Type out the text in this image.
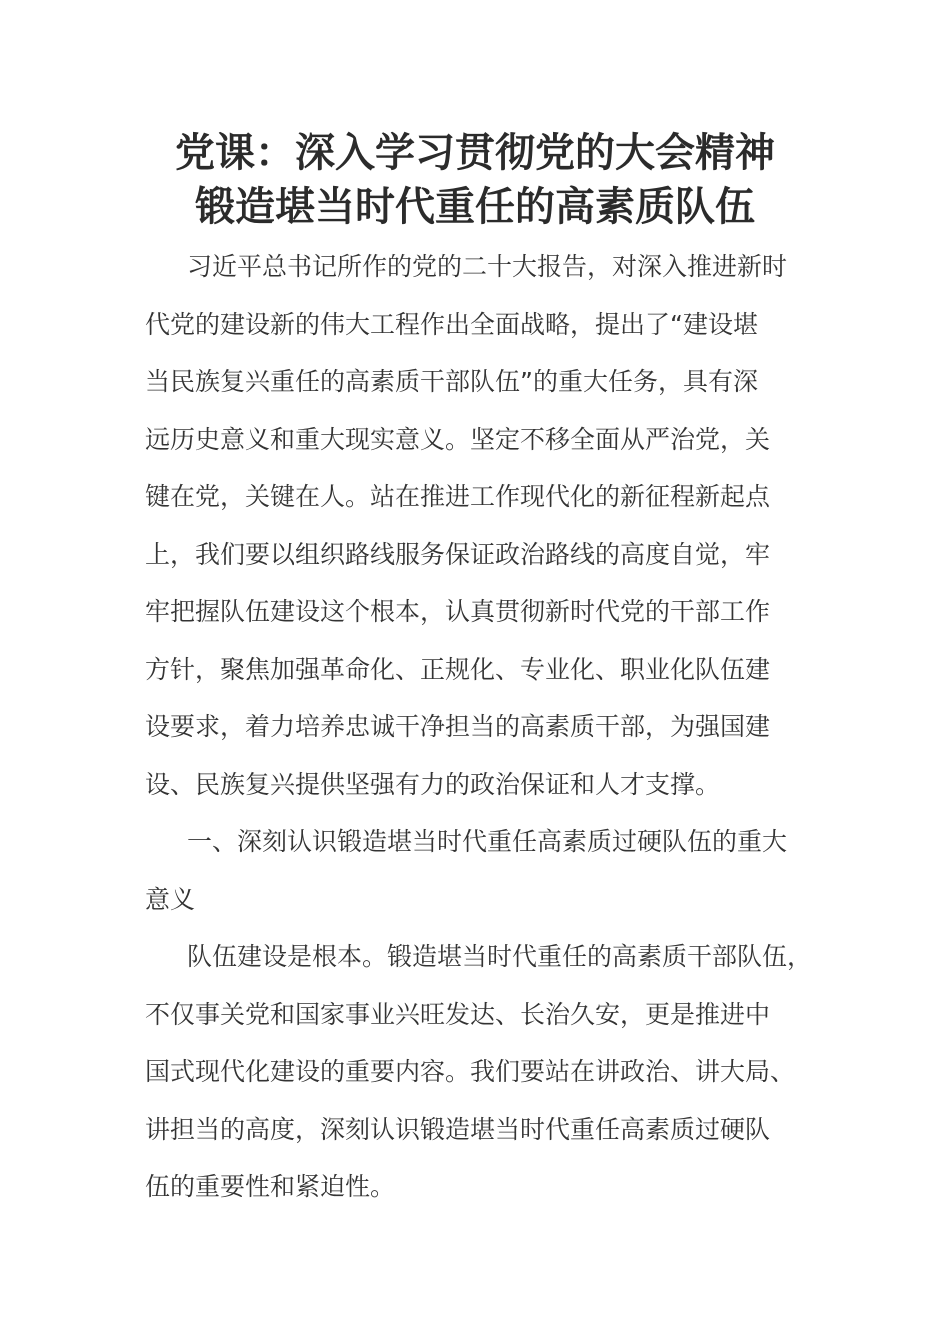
党课：深入学习贯彻党的大会精神
锻造堪当时代重任的高素质队伍
习近平总书记所作的党的二十大报告，对深入推进新时
代党的建设新的伟大工程作出全面战略，提出了“建设堪
当民族复兴重任的高素质干部队伍”的重大任务，具有深
远历史意义和重大现实意义。坚定不移全面从严治党，关
键在党，关键在人。站在推进工作现代化的新征程新起点
上，我们要以组织路线服务保证政治路线的高度自觉，牢
牢把握队伍建设这个根本，认真贯彻新时代党的干部工作
方针，聚焦加强革命化、正规化、专业化、职业化队伍建
设要求，着力培养忠诚干净担当的高素质干部，为强国建
设、民族复兴提供坚强有力的政治保证和人才支撑。
一、深刻认识锻造堪当时代重任高素质过硬队伍的重大
意义
队伍建设是根本。锻造堪当时代重任的高素质干部队伍，
不仅事关党和国家事业兴旺发达、长治久安，更是推进中
国式现代化建设的重要内容。我们要站在讲政治、讲大局、
讲担当的高度，深刻认识锻造堪当时代重任高素质过硬队
伍的重要性和紧迫性。
